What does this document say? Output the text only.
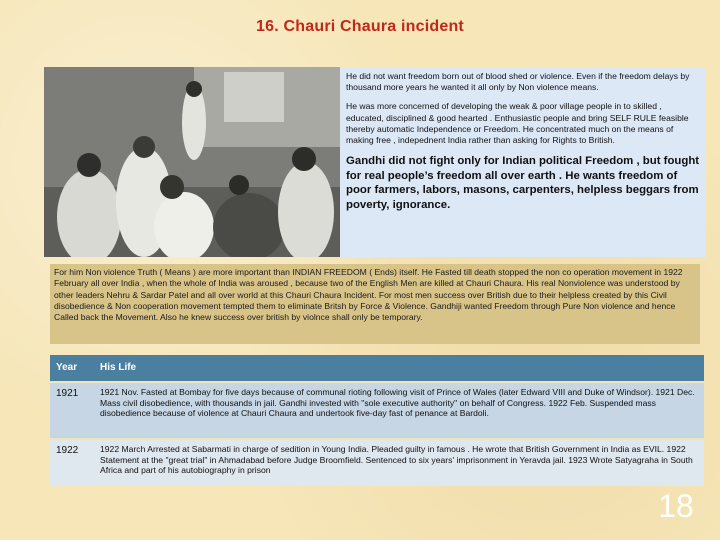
16. Chauri Chaura incident

He did not want freedom born out of blood shed or violence. Even if the freedom delays by thousand more years he wanted it all only by Non violence means.

He was more concerned of developing the weak & poor village people in to skilled , educated, disciplined & good hearted . Enthusiastic people and bring SELF RULE feasible thereby automatic Independence or Freedom. He concentrated much on the means of making free , indepednent India rather than asking for Rights to British.

Gandhi did not fight only for Indian political Freedom , but fought for real people’s freedom all over earth . He wants freedom of poor farmers, labors, masons, carpenters, helpless beggars from poverty, ignorance.

For him Non violence Truth ( Means ) are more important than INDIAN FREEDOM ( Ends) itself. He Fasted till death stopped the non co operation movement in 1922 February all over India , when the whole of India was aroused , because two of the English Men are killed at Chauri Chaura. His real Nonviolence was understood by other leaders Nehru & Sardar Patel and all over world at this Chauri Chaura Incident. For most men success over British due to their helpless created by this Civil disobedience & Non cooperation movement tempted them to eliminate Britsh by Force & Violence. Gandhiji wanted Freedom through Pure Non violence and hence Called back the Movement. Also he knew success over british by violnce shall only be temporary.
Year	His Life
1921	1921 Nov. Fasted at Bombay for five days because of communal rioting following visit of Prince of Wales (later Edward VIII and Duke of Windsor). 1921 Dec. Mass civil disobedience, with thousands in jail. Gandhi invested with "sole executive authority" on behalf of Congress. 1922 Feb. Suspended mass disobedience because of violence at Chauri Chaura and undertook five-day fast of penance at Bardoli.
1922	1922 March Arrested at Sabarmati in charge of sedition in Young India. Pleaded guilty in famous . He wrote that British Government in India as EVIL. 1922 Statement at the "great trial" in Ahmadabad before Judge Broomfield. Sentenced to six years' imprisonment in Yeravda jail. 1923 Wrote Satyagraha in South Africa and part of his autobiography in prison
18
